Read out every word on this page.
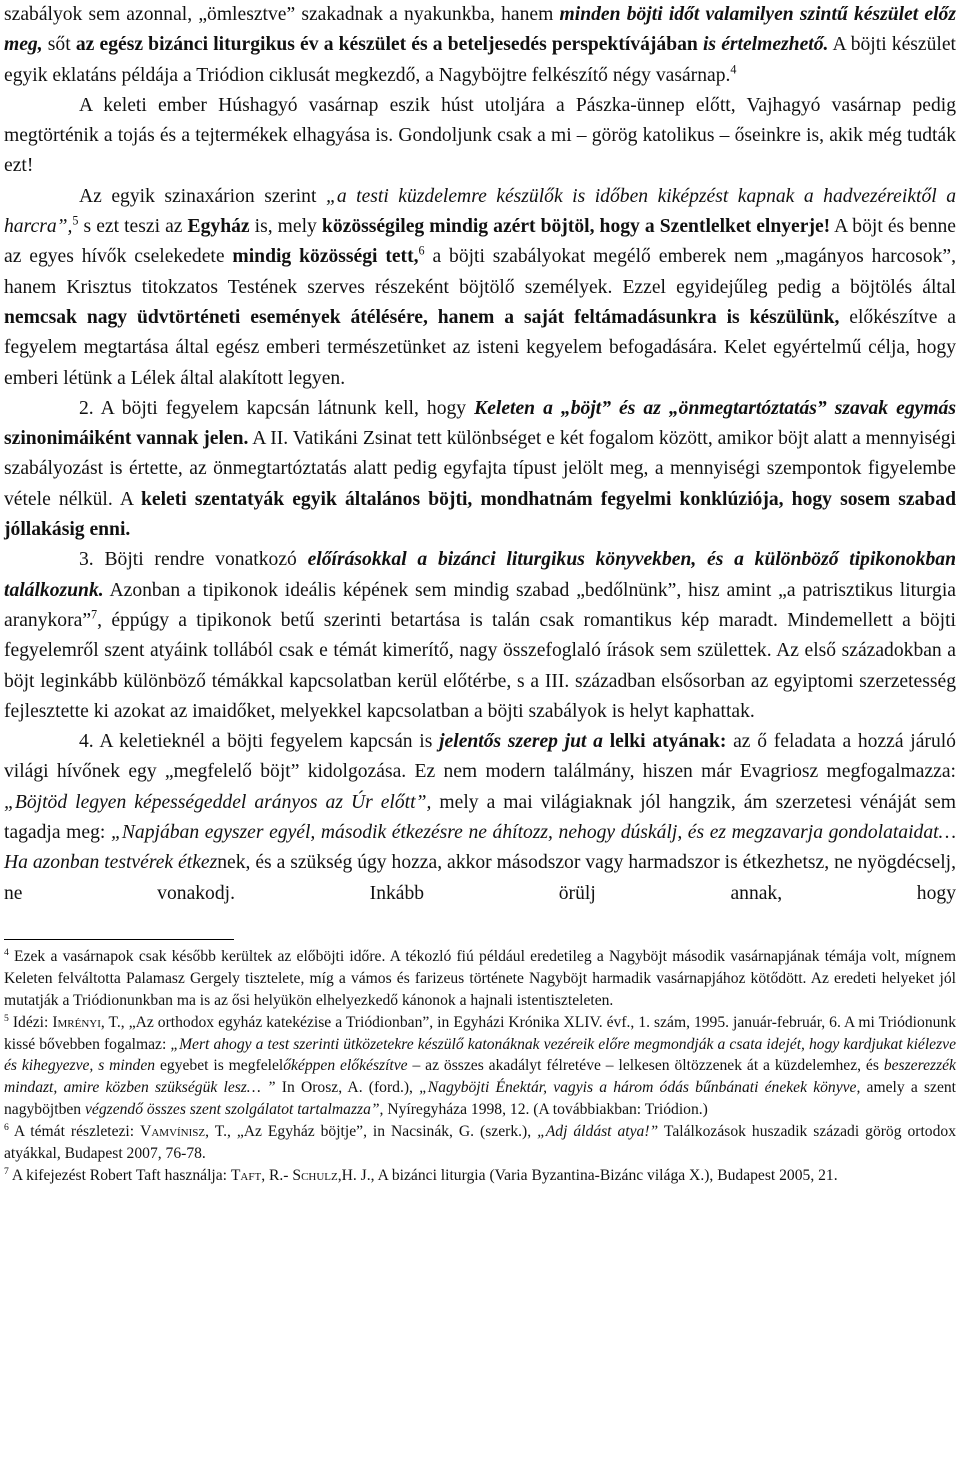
szabályok sem azonnal, „ömlesztve” szakadnak a nyakunkba, hanem minden böjti időt valamilyen szintű készület előz meg, sőt az egész bizánci liturgikus év a készület és a beteljesedés perspektívájában is értelmezhető. A böjti készület egyik eklatáns példája a Triódion ciklusát megkezdő, a Nagyböjtre felkészítő négy vasárnap.$^4$

A keleti ember Húshagyó vasárnap eszik húst utoljára a Pászka-ünnep előtt, Vajhagyó vasárnap pedig megtörténik a tojás és a tejtermékek elhagyása is. Gondoljunk csak a mi – görög katolikus – őseinkre is, akik még tudták ezt!

Az egyik szinaxárion szerint „a testi küzdelemre készülők is időben kiképzést kapnak a hadvezéreiktől a harcra”,$^5$ s ezt teszi az Egyház is, mely közösségileg mindig azért böjtöl, hogy a Szentlelket elnyerje! A böjt és benne az egyes hívők cselekedete mindig közösségi tett,$^6$ a böjti szabályokat megélő emberek nem „magányos harcosok”, hanem Krisztus titokzatos Testének szerves részeként böjtölő személyek. Ezzel egyidejűleg pedig a böjtölés által nemcsak nagy üdvtörténeti események átélésére, hanem a saját feltámadásunkra is készülünk, előkészítve a fegyelem megtartása által egész emberi természetünket az isteni kegyelem befogadására. Kelet egyértelmű célja, hogy emberi létünk a Lélek által alakított legyen.

2. A böjti fegyelem kapcsán látnunk kell, hogy Keleten a „böjt” és az „önmegtartóztatás” szavak egymás szinonimáiként vannak jelen. A II. Vatikáni Zsinat tett különbséget e két fogalom között, amikor böjt alatt a mennyiségi szabályozást is értette, az önmegtartóztatás alatt pedig egyfajta típust jelölt meg, a mennyiségi szempontok figyelembe vétele nélkül. A keleti szentatyák egyik általános böjti, mondhatnám fegyelmi konklúziója, hogy sosem szabad jóllakásig enni.

3. Böjti rendre vonatkozó előírásokkal a bizánci liturgikus könyvekben, és a különböző tipikonokban találkozunk. Azonban a tipikonok ideális képének sem mindig szabad „bedőlnünk”, hisz amint „a patrisztikus liturgia aranykora”$^7$, éppúgy a tipikonok betű szerinti betartása is talán csak romantikus kép maradt. Mindemellett a böjti fegyelemről szent atyáink tollából csak e témát kimerítő, nagy összefoglaló írások sem születtek. Az első századokban a böjt leginkább különböző témákkal kapcsolatban kerül előtérbe, s a III. században elsősorban az egyiptomi szerzetesség fejlesztette ki azokat az imaidőket, melyekkel kapcsolatban a böjti szabályok is helyt kaphattak.

4. A keletieknél a böjti fegyelem kapcsán is jelentős szerep jut a lelki atyának: az ő feladata a hozzá járuló világi hívőnek egy „megfelelő böjt” kidolgozása. Ez nem modern találmány, hiszen már Evagriosz megfogalmazza: „Böjtöd legyen képességeddel arányos az Úr előtt”, mely a mai világiaknak jól hangzik, ám szerzetesi vénáját sem tagadja meg: „Napjában egyszer egyél, második étkezésre ne áhítozz, nehogy dúskálj, és ez megzavarja gondolataidat… Ha azonban testvérek étkeznek, és a szükség úgy hozza, akkor másodszor vagy harmadszor is étkezhetsz, ne nyögdécselj, ne vonakodj. Inkább örülj annak, hogy

$^4$ Ezek a vasárnapok csak később kerültek az előböjti időre. A tékozló fiú például eredetileg a Nagyböjt második vasárnapjának témája volt, mígnem Keleten felváltotta Palamasz Gergely tisztelete, míg a vámos és farizeus története Nagyböjt harmadik vasárnapjához kötődött. Az eredeti helyeket jól mutatják a Triódionunkban ma is az ősi helyükön elhelyezkedő kánonok a hajnali istentiszteleten.

$^5$ Idézi: Imrényi, T., „Az orthodox egyház katekézise a Triódionban”, in Egyházi Krónika XLIV. évf., 1. szám, 1995. január-február, 6. A mi Triódionunk kissé bővebben fogalmaz: „Mert ahogy a test szerinti ütközetekre készülő katonáknak vezéreik előre megmondják a csata idejét, hogy kardjukat kiélezve és kihegyezve, s minden egyebet is megfelelőképpen előkészítve – az összes akadályt félretéve – lelkesen öltözzenek át a küzdelemhez, és beszerezzék mindazt, amire közben szükségük lesz… ” In Orosz, A. (ford.), „Nagyböjti Énektár, vagyis a három ódás bűnbánati énekek könyve, amely a szent nagyböjtben végzendő összes szent szolgálatot tartalmazza”, Nyíregyháza 1998, 12. (A továbbiakban: Triódion.)

$^6$ A témát részletezi: Vamvínisz, T., „Az Egyház böjtje”, in Nacsinák, G. (szerk.), „Adj áldást atya!” Találkozások huszadik századi görög ortodox atyákkal, Budapest 2007, 76-78.

$^7$ A kifejezést Robert Taft használja: Taft, R.- Schulz,H. J., A bizánci liturgia (Varia Byzantina-Bizánc világa X.), Budapest 2005, 21.
